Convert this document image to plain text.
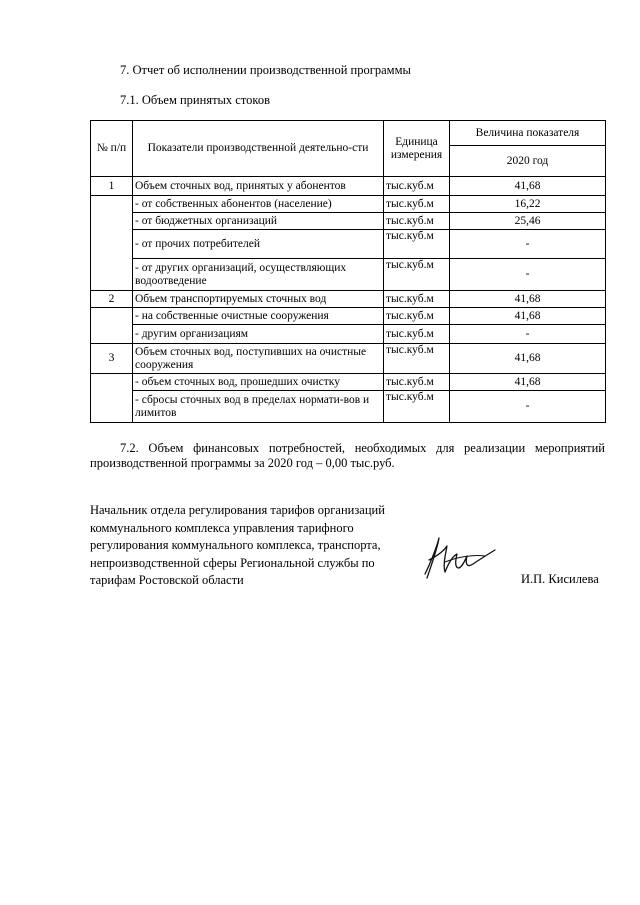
7. Отчет об исполнении производственной программы
7.1. Объем принятых стоков
№ п/п	Показатели производственной деятельно-сти	Единица измерения	Величина показателя
			2020 год
1	Объем сточных вод, принятых у абонентов	тыс.куб.м	41,68
	- от собственных абонентов (население)	тыс.куб.м	16,22
	- от бюджетных организаций	тыс.куб.м	25,46
	- от прочих потребителей	тыс.куб.м	-
	- от других организаций, осуществляющих водоотведение	тыс.куб.м	-
2	Объем транспортируемых сточных вод	тыс.куб.м	41,68
	- на собственные очистные сооружения	тыс.куб.м	41,68
	- другим организациям	тыс.куб.м	-
3	Объем сточных вод, поступивших на очистные сооружения	тыс.куб.м	41,68
	- объем сточных вод, прошедших очистку	тыс.куб.м	41,68
	- сбросы сточных вод в пределах нормати-вов и лимитов	тыс.куб.м	-
7.2. Объем финансовых потребностей, необходимых для реализации мероприятий производственной программы за 2020 год – 0,00 тыс.руб.
Начальник отдела регулирования тарифов организаций коммунального комплекса управления тарифного регулирования коммунального комплекса, транспорта, непроизводственной сферы Региональной службы по тарифам Ростовской области	И.П. Кисилева
